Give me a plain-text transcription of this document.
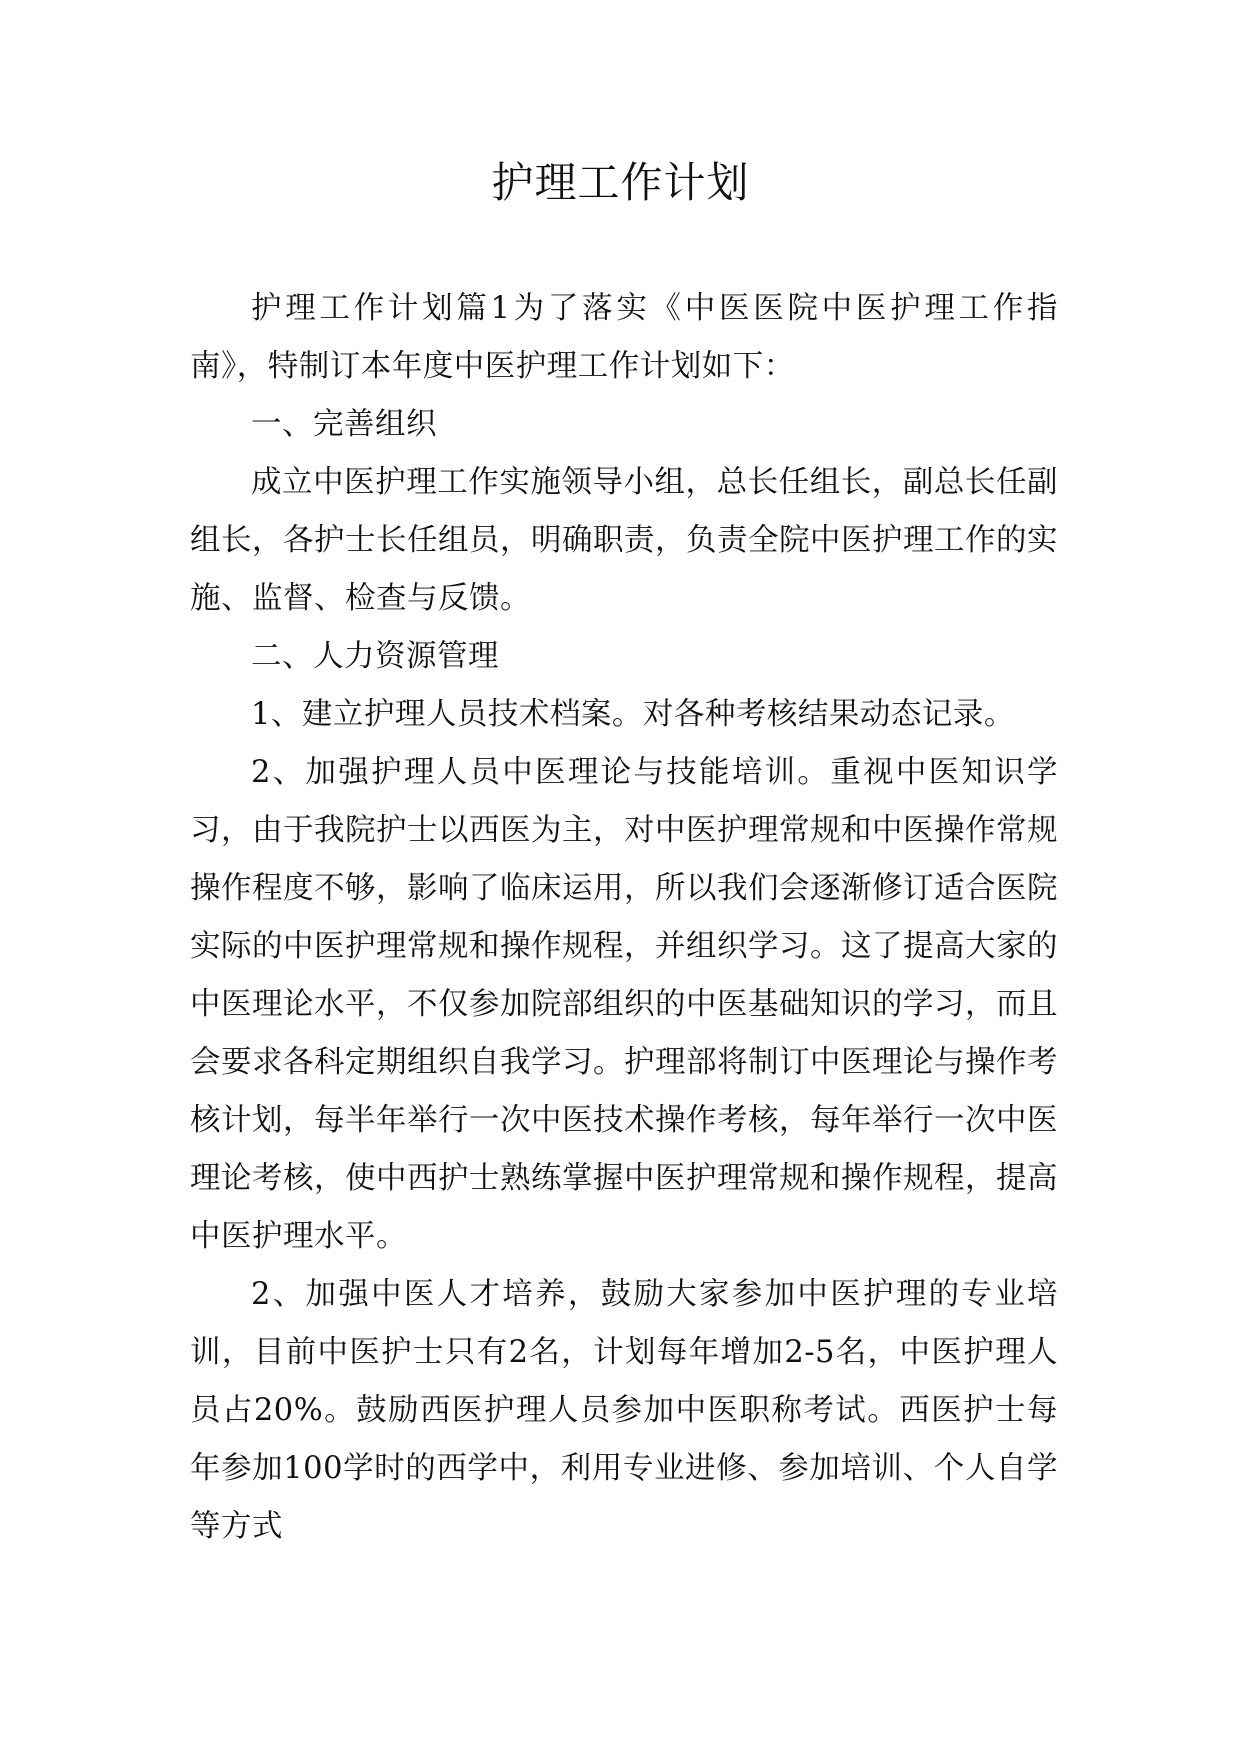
护理工作计划

护理工作计划篇1为了落实《中医医院中医护理工作指南》，特制订本年度中医护理工作计划如下：

一、完善组织

成立中医护理工作实施领导小组，总长任组长，副总长任副组长，各护士长任组员，明确职责，负责全院中医护理工作的实施、监督、检查与反馈。

二、人力资源管理

1、建立护理人员技术档案。对各种考核结果动态记录。

2、加强护理人员中医理论与技能培训。重视中医知识学习，由于我院护士以西医为主，对中医护理常规和中医操作常规操作程度不够，影响了临床运用，所以我们会逐渐修订适合医院实际的中医护理常规和操作规程，并组织学习。这了提高大家的中医理论水平，不仅参加院部组织的中医基础知识的学习，而且会要求各科定期组织自我学习。护理部将制订中医理论与操作考核计划，每半年举行一次中医技术操作考核，每年举行一次中医理论考核，使中西护士熟练掌握中医护理常规和操作规程，提高中医护理水平。

2、加强中医人才培养，鼓励大家参加中医护理的专业培训，目前中医护士只有2名，计划每年增加2-5名，中医护理人员占20%。鼓励西医护理人员参加中医职称考试。西医护士每年参加100学时的西学中，利用专业进修、参加培训、个人自学等方式
